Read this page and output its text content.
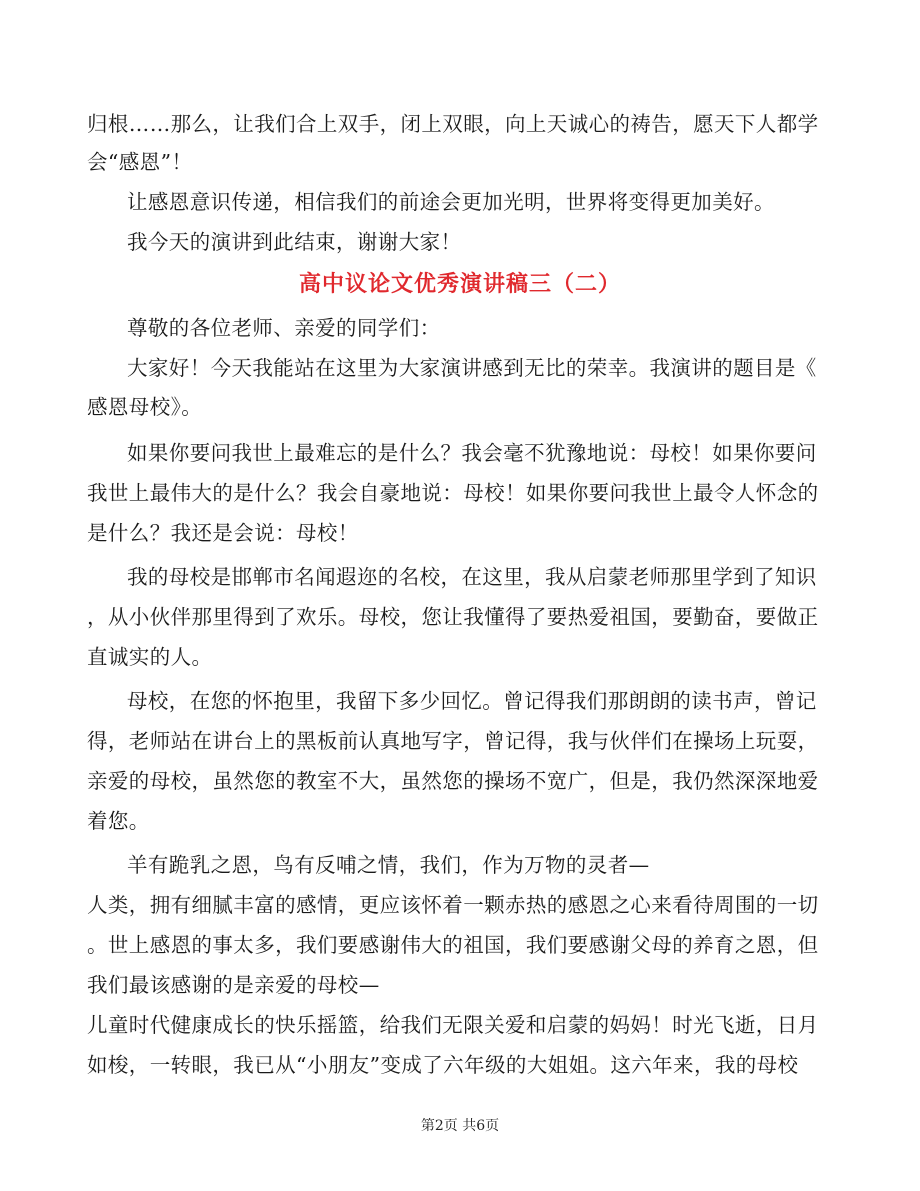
归根……那么，让我们合上双手，闭上双眼，向上天诚心的祷告，愿天下人都学
会“感恩”！
让感恩意识传递，相信我们的前途会更加光明，世界将变得更加美好。
我今天的演讲到此结束，谢谢大家！
高中议论文优秀演讲稿三（二）
尊敬的各位老师、亲爱的同学们：
大家好！今天我能站在这里为大家演讲感到无比的荣幸。我演讲的题目是《
感恩母校》。
如果你要问我世上最难忘的是什么？我会毫不犹豫地说：母校！如果你要问
我世上最伟大的是什么？我会自豪地说：母校！如果你要问我世上最令人怀念的
是什么？我还是会说：母校！
我的母校是邯郸市名闻遐迩的名校，在这里，我从启蒙老师那里学到了知识
，从小伙伴那里得到了欢乐。母校，您让我懂得了要热爱祖国，要勤奋，要做正
直诚实的人。
母校，在您的怀抱里，我留下多少回忆。曾记得我们那朗朗的读书声，曾记
得，老师站在讲台上的黑板前认真地写字，曾记得，我与伙伴们在操场上玩耍，
亲爱的母校，虽然您的教室不大，虽然您的操场不宽广，但是，我仍然深深地爱
着您。
羊有跪乳之恩，鸟有反哺之情，我们，作为万物的灵者—
人类，拥有细腻丰富的感情，更应该怀着一颗赤热的感恩之心来看待周围的一切
。世上感恩的事太多，我们要感谢伟大的祖国，我们要感谢父母的养育之恩，但
我们最该感谢的是亲爱的母校—
儿童时代健康成长的快乐摇篮，给我们无限关爱和启蒙的妈妈！时光飞逝，日月
如梭，一转眼，我已从“小朋友”变成了六年级的大姐姐。这六年来，我的母校
第2页 共6页
